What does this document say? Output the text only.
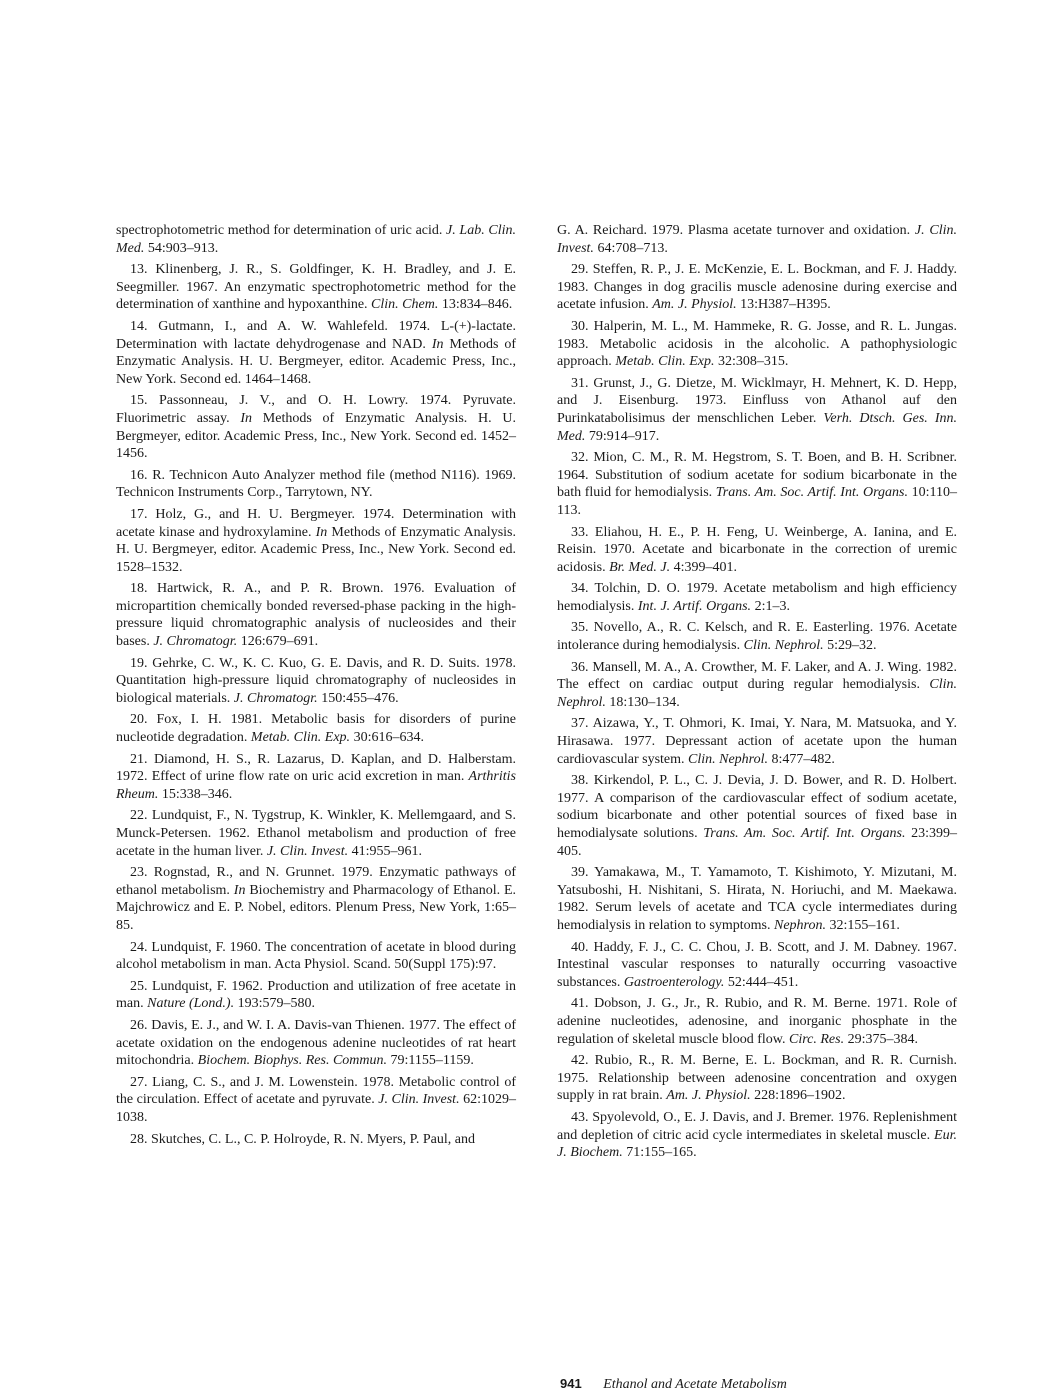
spectrophotometric method for determination of uric acid. J. Lab. Clin. Med. 54:903–913.

13. Klinenberg, J. R., S. Goldfinger, K. H. Bradley, and J. E. Seegmiller. 1967. An enzymatic spectrophotometric method for the determination of xanthine and hypoxanthine. Clin. Chem. 13:834–846.

14. Gutmann, I., and A. W. Wahlefeld. 1974. L-(+)-lactate. Determination with lactate dehydrogenase and NAD. In Methods of Enzymatic Analysis. H. U. Bergmeyer, editor. Academic Press, Inc., New York. Second ed. 1464–1468.

15. Passonneau, J. V., and O. H. Lowry. 1974. Pyruvate. Fluorimetric assay. In Methods of Enzymatic Analysis. H. U. Bergmeyer, editor. Academic Press, Inc., New York. Second ed. 1452–1456.

16. R. Technicon Auto Analyzer method file (method N116). 1969. Technicon Instruments Corp., Tarrytown, NY.

17. Holz, G., and H. U. Bergmeyer. 1974. Determination with acetate kinase and hydroxylamine. In Methods of Enzymatic Analysis. H. U. Bergmeyer, editor. Academic Press, Inc., New York. Second ed. 1528–1532.

18. Hartwick, R. A., and P. R. Brown. 1976. Evaluation of micropartition chemically bonded reversed-phase packing in the high-pressure liquid chromatographic analysis of nucleosides and their bases. J. Chromatogr. 126:679–691.

19. Gehrke, C. W., K. C. Kuo, G. E. Davis, and R. D. Suits. 1978. Quantitation high-pressure liquid chromatography of nucleosides in biological materials. J. Chromatogr. 150:455–476.

20. Fox, I. H. 1981. Metabolic basis for disorders of purine nucleotide degradation. Metab. Clin. Exp. 30:616–634.

21. Diamond, H. S., R. Lazarus, D. Kaplan, and D. Halberstam. 1972. Effect of urine flow rate on uric acid excretion in man. Arthritis Rheum. 15:338–346.

22. Lundquist, F., N. Tygstrup, K. Winkler, K. Mellemgaard, and S. Munck-Petersen. 1962. Ethanol metabolism and production of free acetate in the human liver. J. Clin. Invest. 41:955–961.

23. Rognstad, R., and N. Grunnet. 1979. Enzymatic pathways of ethanol metabolism. In Biochemistry and Pharmacology of Ethanol. E. Majchrowicz and E. P. Nobel, editors. Plenum Press, New York, 1:65–85.

24. Lundquist, F. 1960. The concentration of acetate in blood during alcohol metabolism in man. Acta Physiol. Scand. 50(Suppl 175):97.

25. Lundquist, F. 1962. Production and utilization of free acetate in man. Nature (Lond.). 193:579–580.

26. Davis, E. J., and W. I. A. Davis-van Thienen. 1977. The effect of acetate oxidation on the endogenous adenine nucleotides of rat heart mitochondria. Biochem. Biophys. Res. Commun. 79:1155–1159.

27. Liang, C. S., and J. M. Lowenstein. 1978. Metabolic control of the circulation. Effect of acetate and pyruvate. J. Clin. Invest. 62:1029–1038.

28. Skutches, C. L., C. P. Holroyde, R. N. Myers, P. Paul, and

G. A. Reichard. 1979. Plasma acetate turnover and oxidation. J. Clin. Invest. 64:708–713.

29. Steffen, R. P., J. E. McKenzie, E. L. Bockman, and F. J. Haddy. 1983. Changes in dog gracilis muscle adenosine during exercise and acetate infusion. Am. J. Physiol. 13:H387–H395.

30. Halperin, M. L., M. Hammeke, R. G. Josse, and R. L. Jungas. 1983. Metabolic acidosis in the alcoholic. A pathophysiologic approach. Metab. Clin. Exp. 32:308–315.

31. Grunst, J., G. Dietze, M. Wicklmayr, H. Mehnert, K. D. Hepp, and J. Eisenburg. 1973. Einfluss von Athanol auf den Purinkatabolisimus der menschlichen Leber. Verh. Dtsch. Ges. Inn. Med. 79:914–917.

32. Mion, C. M., R. M. Hegstrom, S. T. Boen, and B. H. Scribner. 1964. Substitution of sodium acetate for sodium bicarbonate in the bath fluid for hemodialysis. Trans. Am. Soc. Artif. Int. Organs. 10:110–113.

33. Eliahou, H. E., P. H. Feng, U. Weinberge, A. Ianina, and E. Reisin. 1970. Acetate and bicarbonate in the correction of uremic acidosis. Br. Med. J. 4:399–401.

34. Tolchin, D. O. 1979. Acetate metabolism and high efficiency hemodialysis. Int. J. Artif. Organs. 2:1–3.

35. Novello, A., R. C. Kelsch, and R. E. Easterling. 1976. Acetate intolerance during hemodialysis. Clin. Nephrol. 5:29–32.

36. Mansell, M. A., A. Crowther, M. F. Laker, and A. J. Wing. 1982. The effect on cardiac output during regular hemodialysis. Clin. Nephrol. 18:130–134.

37. Aizawa, Y., T. Ohmori, K. Imai, Y. Nara, M. Matsuoka, and Y. Hirasawa. 1977. Depressant action of acetate upon the human cardiovascular system. Clin. Nephrol. 8:477–482.

38. Kirkendol, P. L., C. J. Devia, J. D. Bower, and R. D. Holbert. 1977. A comparison of the cardiovascular effect of sodium acetate, sodium bicarbonate and other potential sources of fixed base in hemodialysate solutions. Trans. Am. Soc. Artif. Int. Organs. 23:399–405.

39. Yamakawa, M., T. Yamamoto, T. Kishimoto, Y. Mizutani, M. Yatsuboshi, H. Nishitani, S. Hirata, N. Horiuchi, and M. Maekawa. 1982. Serum levels of acetate and TCA cycle intermediates during hemodialysis in relation to symptoms. Nephron. 32:155–161.

40. Haddy, F. J., C. C. Chou, J. B. Scott, and J. M. Dabney. 1967. Intestinal vascular responses to naturally occurring vasoactive substances. Gastroenterology. 52:444–451.

41. Dobson, J. G., Jr., R. Rubio, and R. M. Berne. 1971. Role of adenine nucleotides, adenosine, and inorganic phosphate in the regulation of skeletal muscle blood flow. Circ. Res. 29:375–384.

42. Rubio, R., R. M. Berne, E. L. Bockman, and R. R. Curnish. 1975. Relationship between adenosine concentration and oxygen supply in rat brain. Am. J. Physiol. 228:1896–1902.

43. Spyolevold, O., E. J. Davis, and J. Bremer. 1976. Replenishment and depletion of citric acid cycle intermediates in skeletal muscle. Eur. J. Biochem. 71:155–165.

941 Ethanol and Acetate Metabolism
